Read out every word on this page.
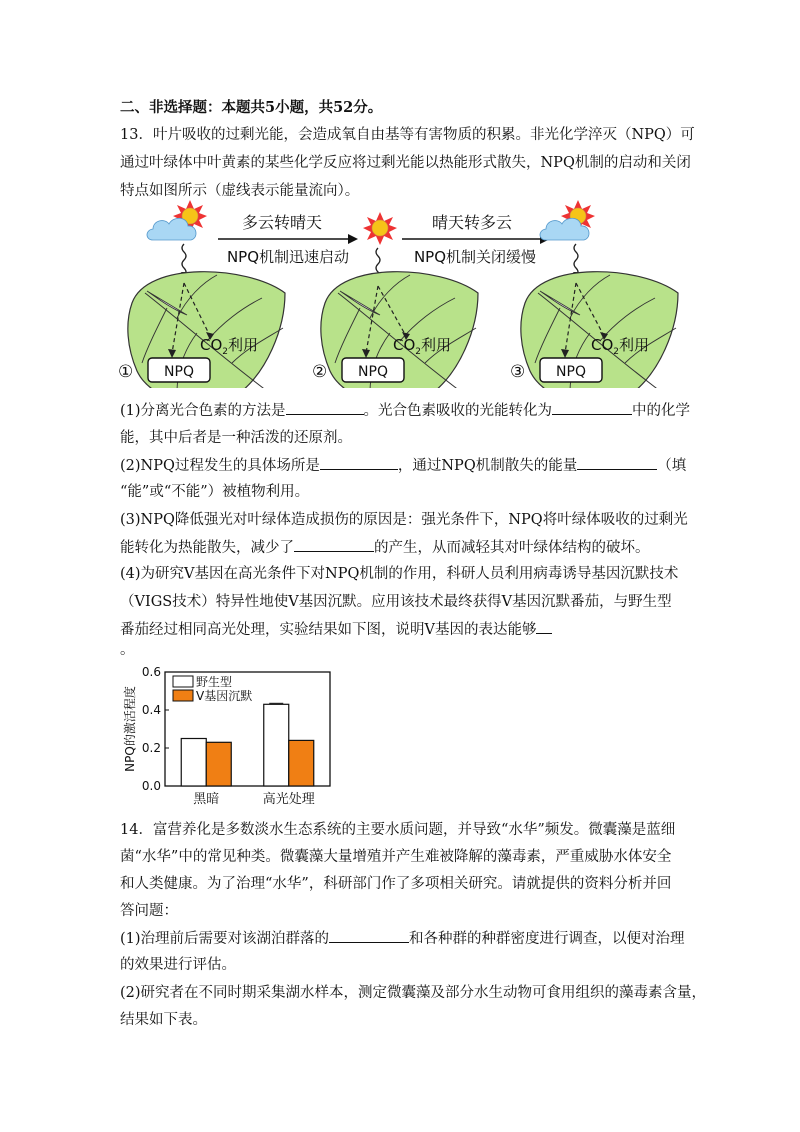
二、非选择题：本题共5小题，共52分。
13．叶片吸收的过剩光能，会造成氧自由基等有害物质的积累。非光化学淬灭（NPQ）可
通过叶绿体中叶黄素的某些化学反应将过剩光能以热能形式散失，NPQ机制的启动和关闭
特点如图所示（虚线表示能量流向）。
$CO_2$利用
① NPQ
多云转晴天
NPQ机制迅速启动
$CO_2$利用
② NPQ
晴天转多云
NPQ机制关闭缓慢
$CO_2$利用
③ NPQ
(1)分离光合色素的方法是	。光合色素吸收的光能转化为	中的化学
能，其中后者是一种活泼的还原剂。
(2)NPQ过程发生的具体场所是	，通过NPQ机制散失的能量	（填
“能”或“不能”）被植物利用。
(3)NPQ降低强光对叶绿体造成损伤的原因是：强光条件下，NPQ将叶绿体吸收的过剩光
能转化为热能散失，减少了	的产生，从而减轻其对叶绿体结构的破坏。
(4)为研究V基因在高光条件下对NPQ机制的作用，科研人员利用病毒诱导基因沉默技术
（VIGS技术）特异性地使V基因沉默。应用该技术最终获得V基因沉默番茄，与野生型
番茄经过相同高光处理，实验结果如下图，说明V基因的表达能够
。
0.0
0.2
0.4
0.6
NPQ的激活程度
黑暗	高光处理
野生型
V基因沉默
14．富营养化是多数淡水生态系统的主要水质问题，并导致“水华”频发。微囊藻是蓝细
菌“水华”中的常见种类。微囊藻大量增殖并产生难被降解的藻毒素，严重威胁水体安全
和人类健康。为了治理“水华”，科研部门作了多项相关研究。请就提供的资料分析并回
答问题：
(1)治理前后需要对该湖泊群落的	和各种群的种群密度进行调查，以便对治理
的效果进行评估。
(2)研究者在不同时期采集湖水样本，测定微囊藻及部分水生动物可食用组织的藻毒素含量，
结果如下表。
